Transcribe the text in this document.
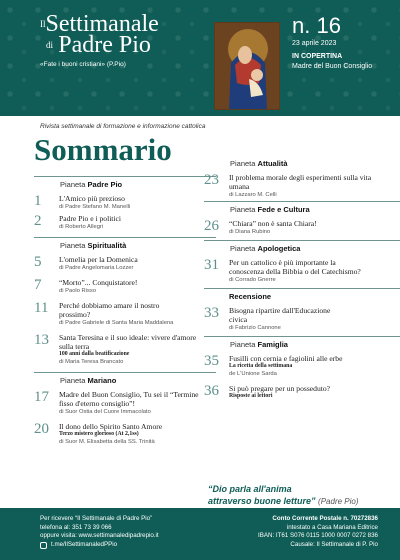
$^{Il}$Settimanale
$^{di}$ Padre Pio
«Fate i buoni cristiani» (P.Pio)
n. 16
23 aprile 2023
IN COPERTINA
Madre del Buon Consiglio
Rivista settimanale di formazione e informazione cattolica
Sommario
Pianeta Padre Pio
1	L'Amico più prezioso
di Padre Stefano M. Manelli
2	Padre Pio e i politici
di Roberto Allegri
Pianeta Spiritualità
5	L'omelia per la Domenica
di Padre Angelomaria Lozzer
7	“Morto”... Conquistatore!
di Paolo Risso
11	Perché dobbiamo amare il nostro prossimo?
di Padre Gabriele di Santa Maria Maddalena
13	Santa Teresina e il suo ideale: vivere d'amore sulla terra
100 anni dalla beatificazione
di Maria Teresa Brancato
Pianeta Mariano
17	Madre del Buon Consiglio, Tu sei il “Termine fisso d'eterno consiglio”!
di Suor Ostia del Cuore Immacolato
20	Il dono dello Spirito Santo Amore
Terzo mistero glorioso (At 2,1ss)
di Suor M. Elisabetta della SS. Trinità
Pianeta Attualità
23	Il problema morale degli esperimenti sulla vita umana
di Lazzaro M. Celli
Pianeta Fede e Cultura
26	“Chiara” non è santa Chiara!
di Diana Rubino
Pianeta Apologetica
31	Per un cattolico è più importante la conoscenza della Bibbia o del Catechismo?
di Corrado Gnerre
Recensione
33	Bisogna ripartire dall'Educazione civica
di Fabrizio Cannone
Pianeta Famiglia
35	Fusilli con cernia e fagiolini alle erbe
La ricetta della settimana
de L'Unione Sarda
36	Si può pregare per un posseduto?
Risposte ai lettori
“Dio parla all'anima
attraverso buone letture” (Padre Pio)
Per ricevere “Il Settimanale di Padre Pio”
telefona al: 351 73 39 066
oppure visita: www.settimanaledipadrepio.it
t.me/IlSettimanaledPPio
Conto Corrente Postale n. 70272836
intestato a Casa Mariana Editrice
IBAN: IT61 S076 0115 1000 0007 0272 836
Causale: Il Settimanale di P. Pio
